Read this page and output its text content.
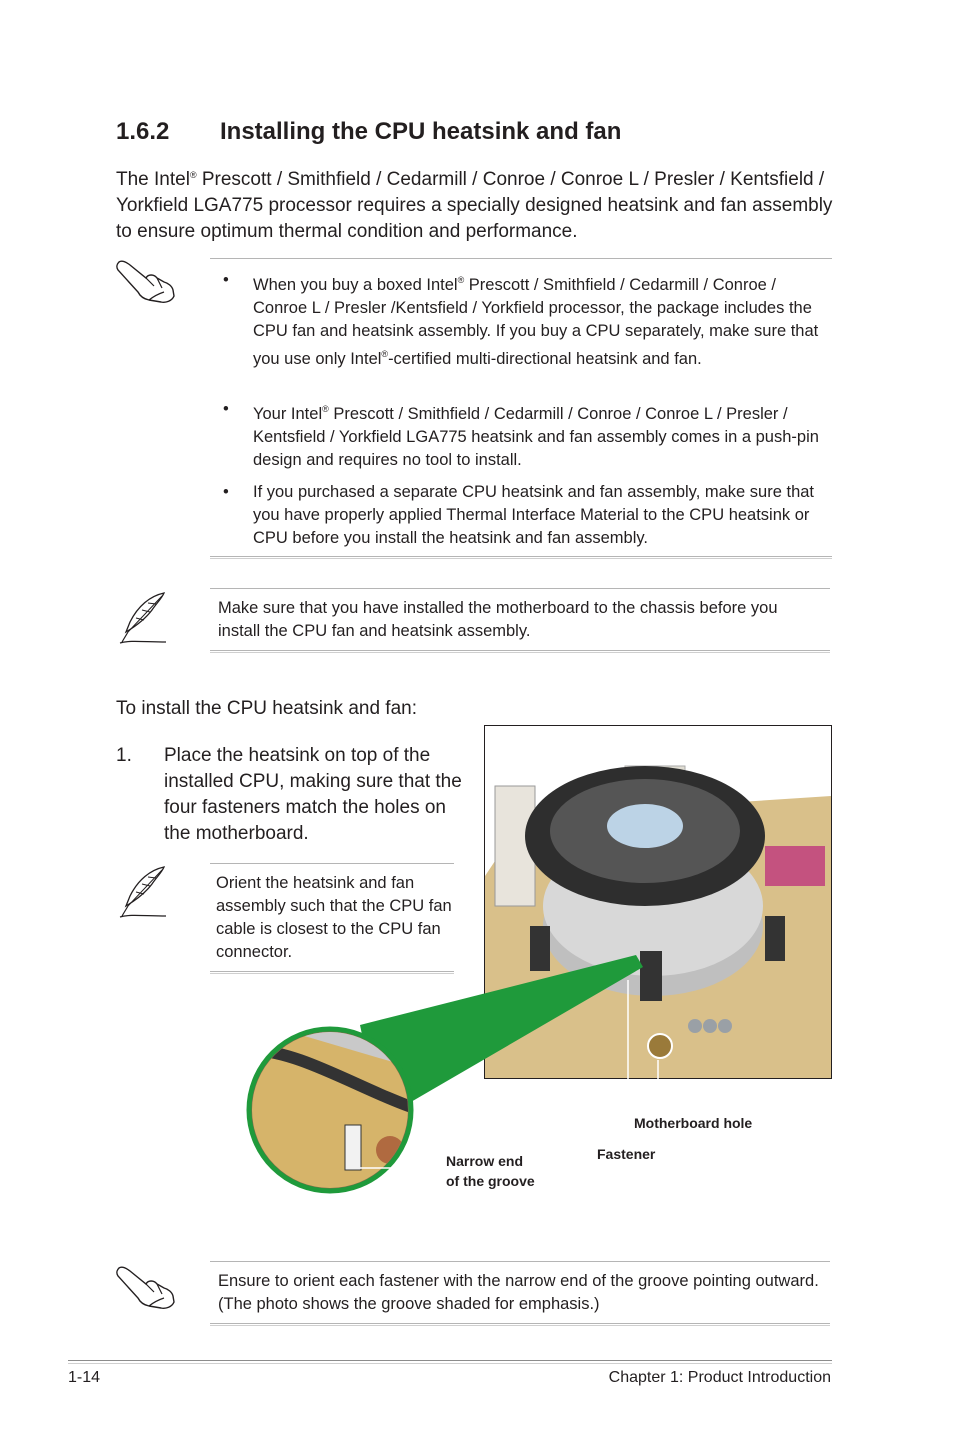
1.6.2	Installing the CPU heatsink and fan
The Intel® Prescott / Smithfield / Cedarmill / Conroe / Conroe L / Presler / Kentsfield / Yorkfield LGA775 processor requires a specially designed heatsink and fan assembly to ensure optimum thermal condition and performance.
• When you buy a boxed Intel® Prescott / Smithfield / Cedarmill / Conroe / Conroe L / Presler /Kentsfield / Yorkfield processor, the package includes the CPU fan and heatsink assembly. If you buy a CPU separately, make sure that you use only Intel®-certified multi-directional heatsink and fan.
• Your Intel® Prescott / Smithfield / Cedarmill / Conroe / Conroe L / Presler / Kentsfield / Yorkfield LGA775 heatsink and fan assembly comes in a push-pin design and requires no tool to install.
• If you purchased a separate CPU heatsink and fan assembly, make sure that you have properly applied Thermal Interface Material to the CPU heatsink or CPU before you install the heatsink and fan assembly.
Make sure that you have installed the motherboard to the chassis before you install the CPU fan and heatsink assembly.
To install the CPU heatsink and fan:
1. Place the heatsink on top of the installed CPU, making sure that the four fasteners match the holes on the motherboard.
Orient the heatsink and fan assembly such that the CPU fan cable is closest to the CPU fan connector.
Motherboard hole
Fastener
Narrow end
of the groove
Ensure to orient each fastener with the narrow end of the groove pointing outward. (The photo shows the groove shaded for emphasis.)
1-14	Chapter 1: Product Introduction
